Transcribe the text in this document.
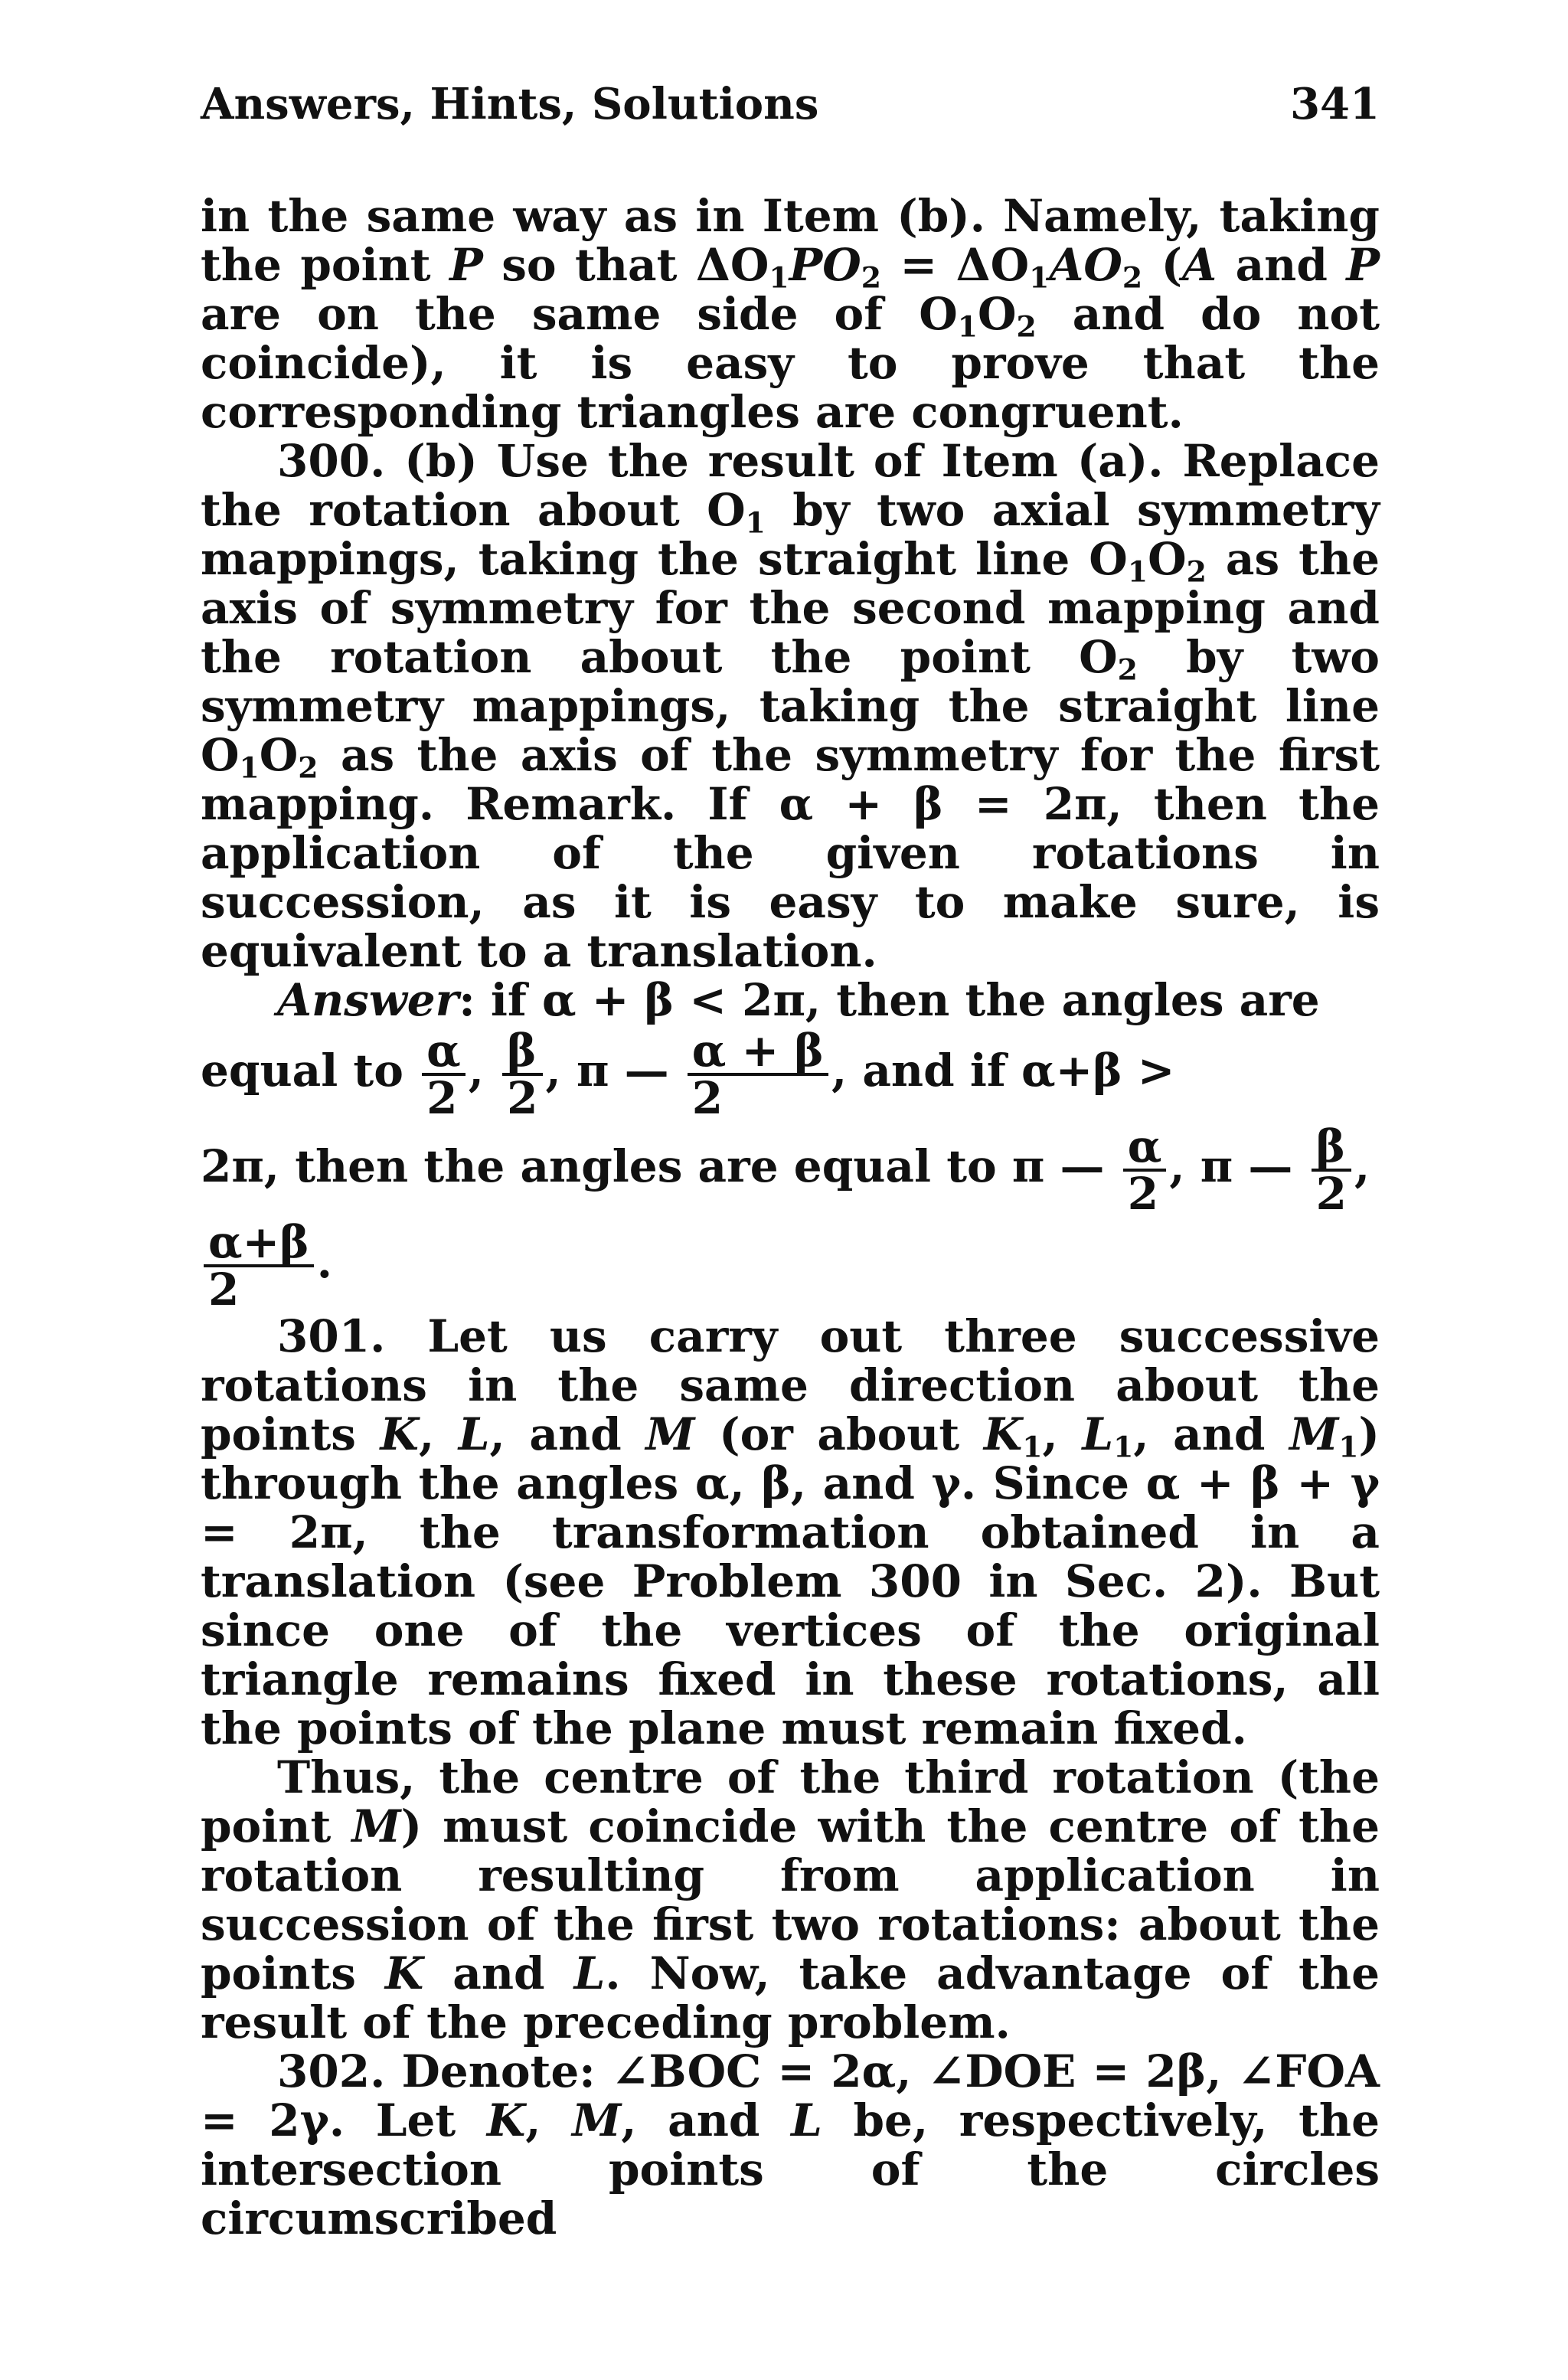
Answers, Hints, Solutions	341

in the same way as in Item (b). Namely, taking the point P so that $\Delta O_1PO_2 = \Delta O_1AO_2$ (A and P are on the same side of $O_1O_2$ and do not coincide), it is easy to prove that the corresponding triangles are congruent.

300. (b) Use the result of Item (a). Replace the rotation about $O_1$ by two axial symmetry mappings, taking the straight line $O_1O_2$ as the axis of symmetry for the second mapping and the rotation about the point $O_2$ by two symmetry mappings, taking the straight line $O_1O_2$ as the axis of the symmetry for the first mapping. Remark. If α + β = 2π, then the application of the given rotations in succession, as it is easy to make sure, is equivalent to a translation.

Answer: if α + β < 2π, then the angles are

equal to $\frac{\alpha}{2}$ , $\frac{\beta}{2}$ , π — $\frac{\alpha + \beta}{2}$ , and if α+β >

2π, then the angles are equal to π — $\frac{\alpha}{2}$ , π — $\frac{\beta}{2}$ ,

$\frac{\alpha+\beta}{2}$ .

301. Let us carry out three successive rotations in the same direction about the points K, L, and M (or about $K_1$, $L_1$, and $M_1$) through the angles α, β, and γ. Since α + β + γ = 2π, the transformation obtained in a translation (see Problem 300 in Sec. 2). But since one of the vertices of the original triangle remains fixed in these rotations, all the points of the plane must remain fixed.

Thus, the centre of the third rotation (the point M) must coincide with the centre of the rotation resulting from application in succession of the first two rotations: about the points K and L. Now, take advantage of the result of the preceding problem.

302. Denote: ∠BOC = 2α, ∠DOE = 2β, ∠FOA = 2γ. Let K, M, and L be, respectively, the intersection points of the circles circumscribed
